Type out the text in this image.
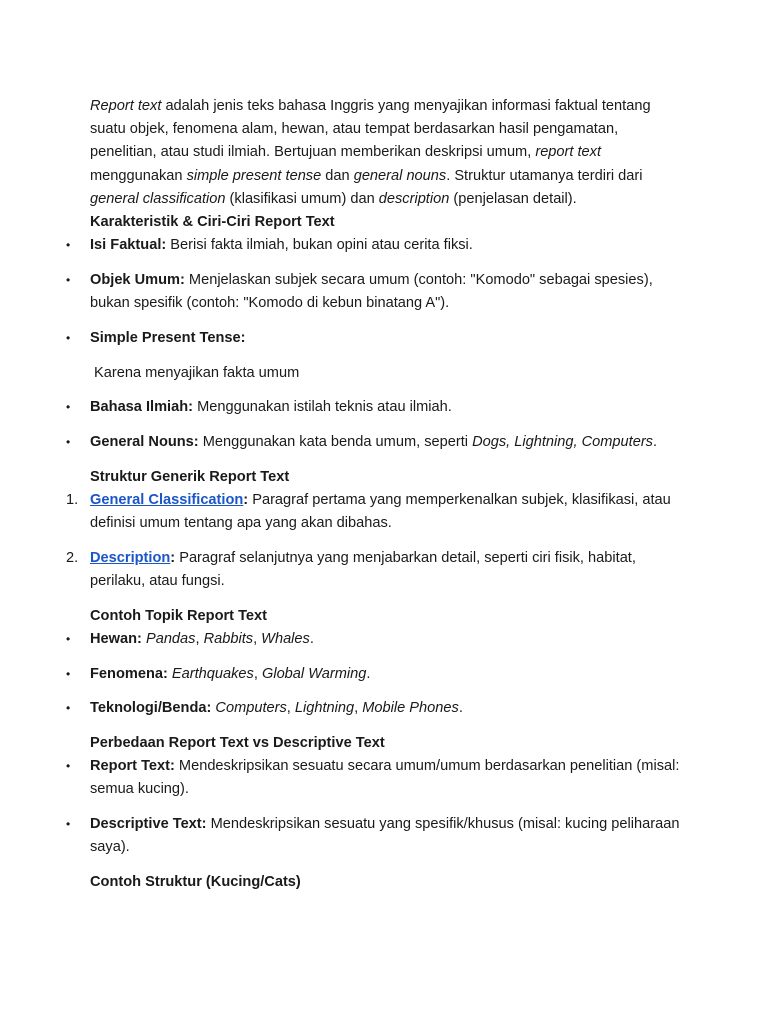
Report text adalah jenis teks bahasa Inggris yang menyajikan informasi faktual tentang suatu objek, fenomena alam, hewan, atau tempat berdasarkan hasil pengamatan, penelitian, atau studi ilmiah. Bertujuan memberikan deskripsi umum, report text menggunakan simple present tense dan general nouns. Struktur utamanya terdiri dari general classification (klasifikasi umum) dan description (penjelasan detail).

Karakteristik & Ciri-Ciri Report Text

• Isi Faktual: Berisi fakta ilmiah, bukan opini atau cerita fiksi.
• Objek Umum: Menjelaskan subjek secara umum (contoh: "Komodo" sebagai spesies), bukan spesifik (contoh: "Komodo di kebun binatang A").
• Simple Present Tense:

Karena menyajikan fakta umum

• Bahasa Ilmiah: Menggunakan istilah teknis atau ilmiah.
• General Nouns: Menggunakan kata benda umum, seperti Dogs, Lightning, Computers.

Struktur Generik Report Text

1. General Classification: Paragraf pertama yang memperkenalkan subjek, klasifikasi, atau definisi umum tentang apa yang akan dibahas.
2. Description: Paragraf selanjutnya yang menjabarkan detail, seperti ciri fisik, habitat, perilaku, atau fungsi.

Contoh Topik Report Text

• Hewan: Pandas, Rabbits, Whales.
• Fenomena: Earthquakes, Global Warming.
• Teknologi/Benda: Computers, Lightning, Mobile Phones.

Perbedaan Report Text vs Descriptive Text

• Report Text: Mendeskripsikan sesuatu secara umum/umum berdasarkan penelitian (misal: semua kucing).
• Descriptive Text: Mendeskripsikan sesuatu yang spesifik/khusus (misal: kucing peliharaan saya).

Contoh Struktur (Kucing/Cats)
